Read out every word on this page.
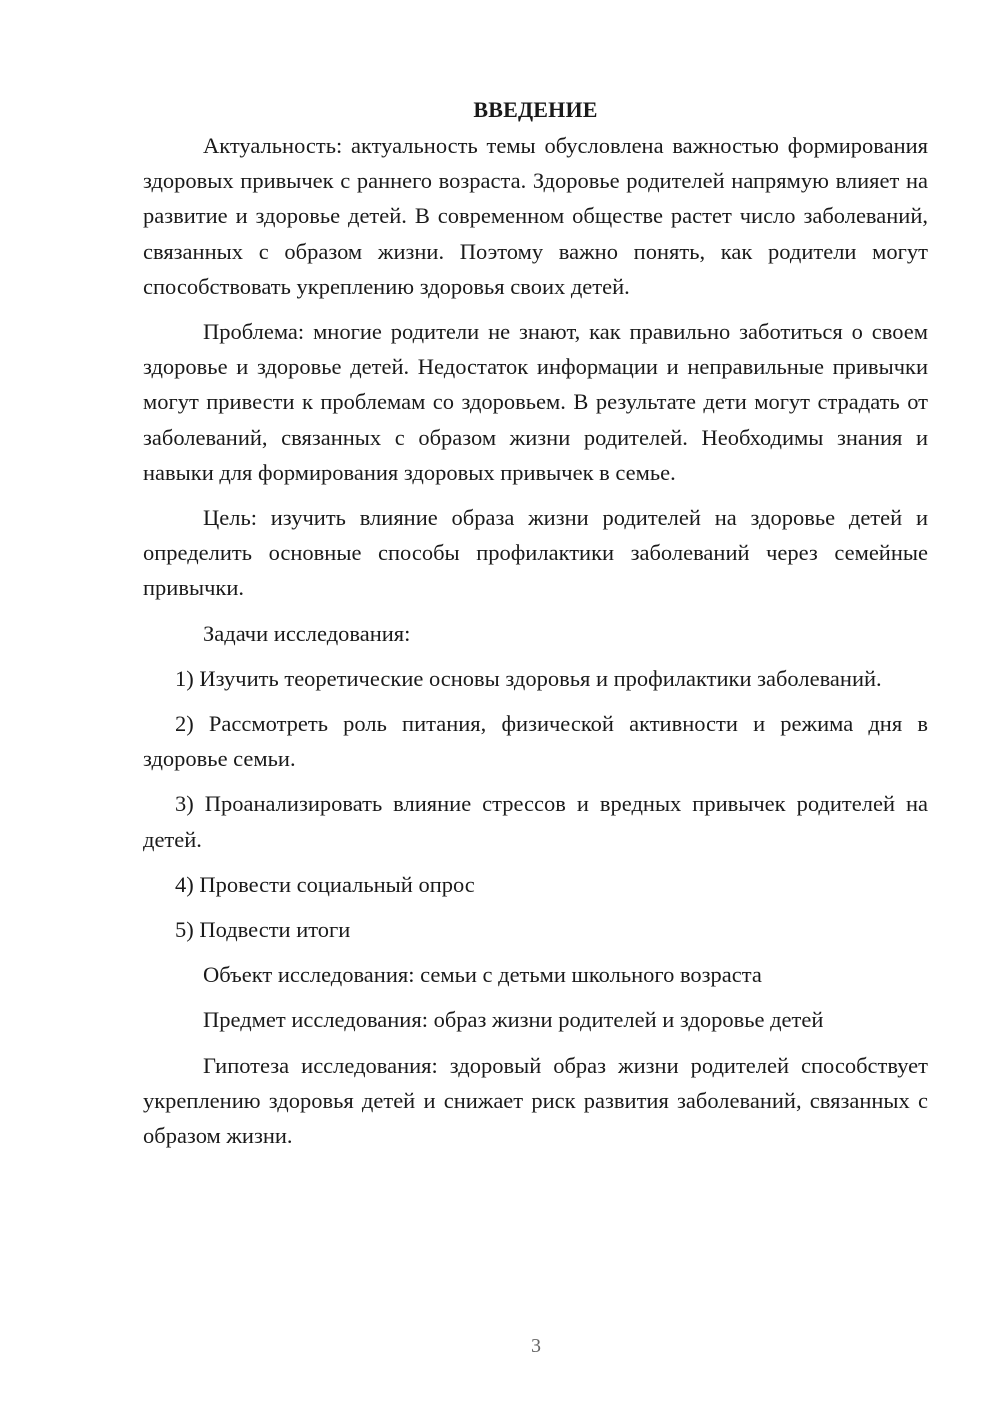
ВВЕДЕНИЕ

Актуальность: актуальность темы обусловлена важностью формирования здоровых привычек с раннего возраста. Здоровье родителей напрямую влияет на развитие и здоровье детей. В современном обществе растет число заболеваний, связанных с образом жизни. Поэтому важно понять, как родители могут способствовать укреплению здоровья своих детей.

Проблема: многие родители не знают, как правильно заботиться о своем здоровье и здоровье детей. Недостаток информации и неправильные привычки могут привести к проблемам со здоровьем. В результате дети могут страдать от заболеваний, связанных с образом жизни родителей. Необходимы знания и навыки для формирования здоровых привычек в семье.

Цель: изучить влияние образа жизни родителей на здоровье детей и определить основные способы профилактики заболеваний через семейные привычки.

Задачи исследования:

1) Изучить теоретические основы здоровья и профилактики заболеваний.

2) Рассмотреть роль питания, физической активности и режима дня в здоровье семьи.

3) Проанализировать влияние стрессов и вредных привычек родителей на детей.

4) Провести социальный опрос

5) Подвести итоги

Объект исследования: семьи с детьми школьного возраста

Предмет исследования: образ жизни родителей и здоровье детей

Гипотеза исследования: здоровый образ жизни родителей способствует укреплению здоровья детей и снижает риск развития заболеваний, связанных с образом жизни.

3
